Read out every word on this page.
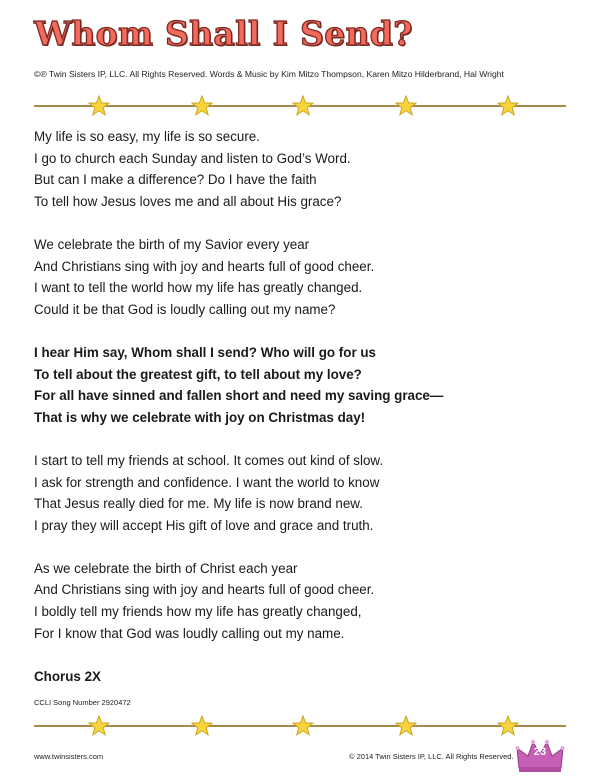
Whom Shall I Send?
©℗ Twin Sisters IP, LLC. All Rights Reserved. Words & Music by Kim Mitzo Thompson, Karen Mitzo Hilderbrand, Hal Wright
My life is so easy, my life is so secure.
I go to church each Sunday and listen to God’s Word.
But can I make a difference? Do I have the faith
To tell how Jesus loves me and all about His grace?
We celebrate the birth of my Savior every year
And Christians sing with joy and hearts full of good cheer.
I want to tell the world how my life has greatly changed.
Could it be that God is loudly calling out my name?
I hear Him say, Whom shall I send? Who will go for us
To tell about the greatest gift, to tell about my love?
For all have sinned and fallen short and need my saving grace—
That is why we celebrate with joy on Christmas day!
I start to tell my friends at school. It comes out kind of slow.
I ask for strength and confidence. I want the world to know
That Jesus really died for me. My life is now brand new.
I pray they will accept His gift of love and grace and truth.
As we celebrate the birth of Christ each year
And Christians sing with joy and hearts full of good cheer.
I boldly tell my friends how my life has greatly changed,
For I know that God was loudly calling out my name.
Chorus 2X
CCLI Song Number 2920472
www.twinsisters.com	© 2014 Twin Sisters IP, LLC. All Rights Reserved.	23
